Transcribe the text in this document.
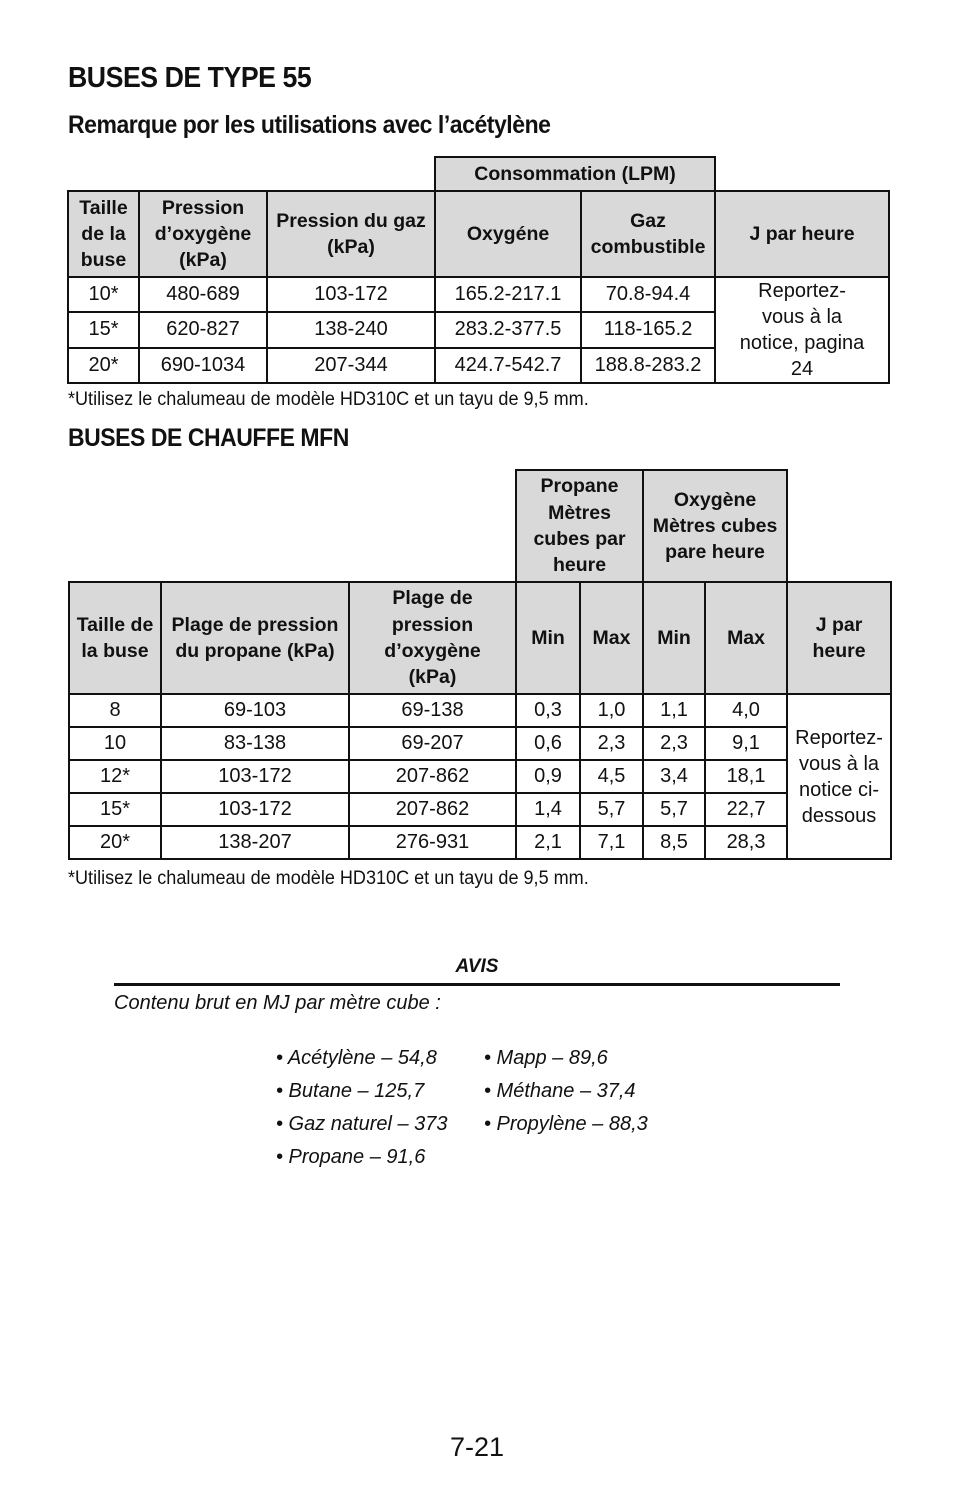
BUSES DE TYPE 55
Remarque por les utilisations avec l’acétylène
			Consommation (LPM)		
Taille de la buse	Pression d’oxygène (kPa)	Pression du gaz (kPa)	Oxygéne	Gaz combustible	J par heure
10*	480-689	103-172	165.2-217.1	70.8-94.4	Reportez-vous à la notice, pagina 24
15*	620-827	138-240	283.2-377.5	118-165.2	
20*	690-1034	207-344	424.7-542.7	188.8-283.2	
*Utilisez le chalumeau de modèle HD310C et un tayu de 9,5 mm.
BUSES DE CHAUFFE MFN
			Propane Mètres cubes par heure		Oxygène Mètres cubes pare heure		
Taille de la buse	Plage de pression du propane (kPa)	Plage de pression d’oxygène (kPa)	Min	Max	Min	Max	J par heure
8	69-103	69-138	0,3	1,0	1,1	4,0	Reportez-vous à la notice ci-dessous
10	83-138	69-207	0,6	2,3	2,3	9,1	
12*	103-172	207-862	0,9	4,5	3,4	18,1	
15*	103-172	207-862	1,4	5,7	5,7	22,7	
20*	138-207	276-931	2,1	7,1	8,5	28,3	
*Utilisez le chalumeau de modèle HD310C et un tayu de 9,5 mm.
AVIS
Contenu brut en MJ par mètre cube :
• Acétylène – 54,8	• Mapp – 89,6
• Butane – 125,7	• Méthane – 37,4
• Gaz naturel – 373	• Propylène – 88,3
• Propane – 91,6
7-21
